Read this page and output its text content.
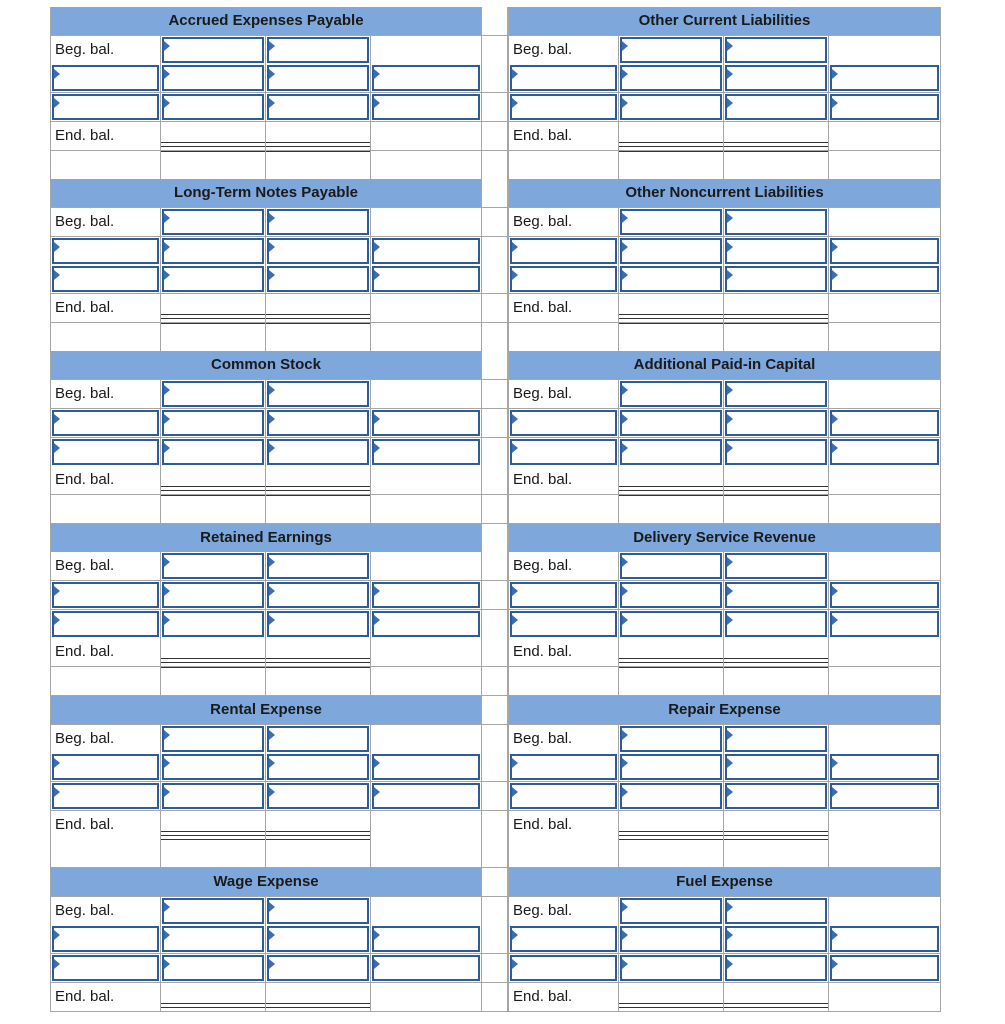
Accrued Expenses Payable	Other Current Liabilities
Beg. bal.	Beg. bal.
End. bal.	End. bal.
Long-Term Notes Payable	Other Noncurrent Liabilities
Beg. bal.	Beg. bal.
End. bal.	End. bal.
Common Stock	Additional Paid-in Capital
Beg. bal.	Beg. bal.
End. bal.	End. bal.
Retained Earnings	Delivery Service Revenue
Beg. bal.	Beg. bal.
End. bal.	End. bal.
Rental Expense	Repair Expense
Beg. bal.	Beg. bal.
End. bal.	End. bal.
Wage Expense	Fuel Expense
Beg. bal.	Beg. bal.
End. bal.	End. bal.
